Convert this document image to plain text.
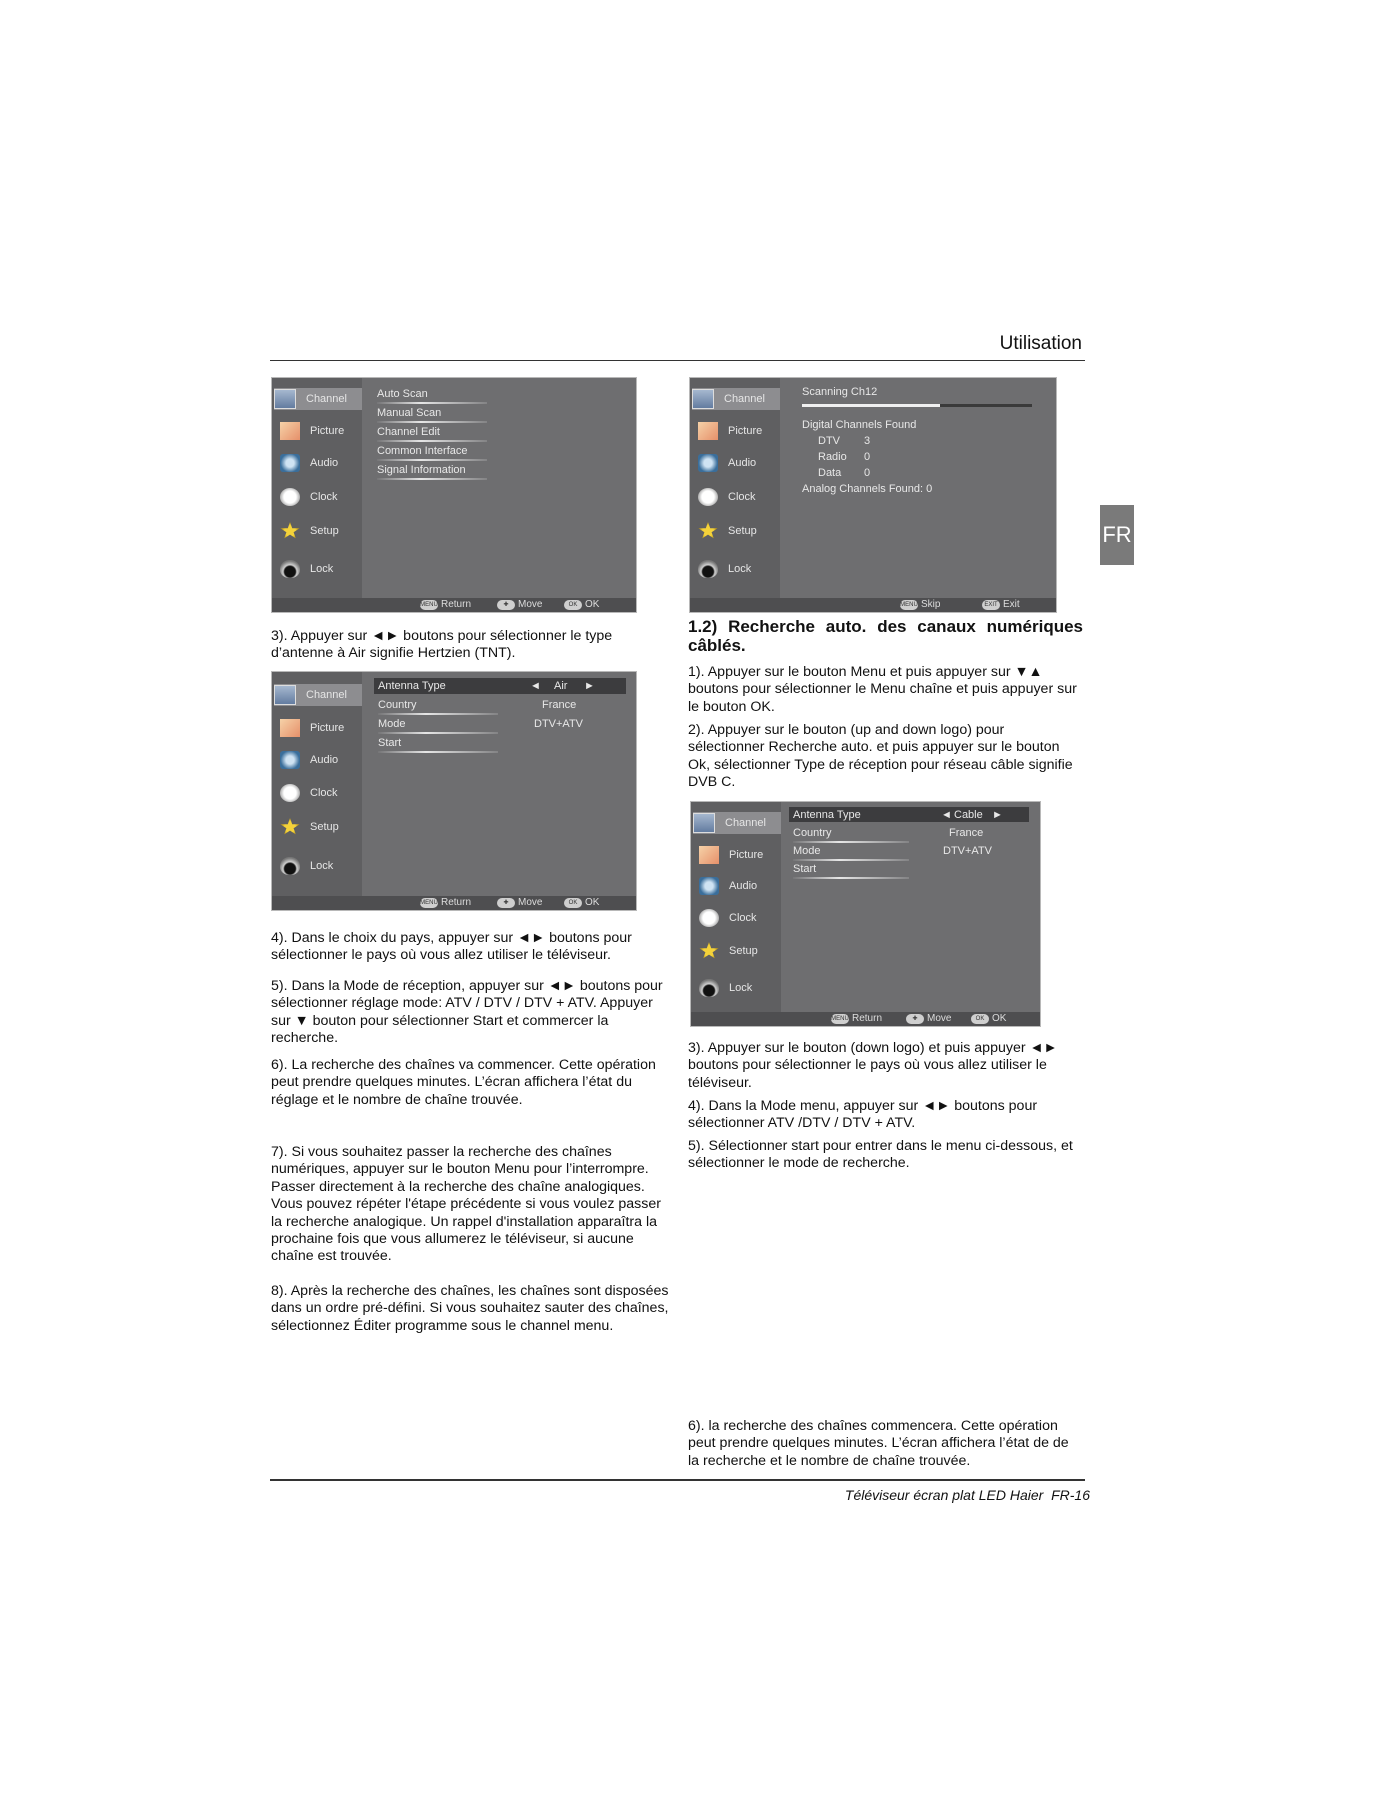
Utilisation
FR
Channel
Picture
Audio
Clock
Setup
Lock
Auto Scan
Manual Scan
Channel Edit
Common Interface
Signal Information
MENU Return	✚ Move	OK OK
Channel
Picture
Audio
Clock
Setup
Lock
Scanning Ch12
Digital Channels Found
DTV 3
Radio 0
Data 0
Analog Channels Found: 0
MENU Skip	EXIT Exit
3). Appuyer sur ◄► boutons pour sélectionner le type d’antenne à Air signifie Hertzien (TNT).
Channel
Picture
Audio
Clock
Setup
Lock
Antenna Type	◄ Air ►
Country	France
Mode	DTV+ATV
Start
MENU Return	✚ Move	OK OK
4). Dans le choix du pays, appuyer sur ◄► boutons pour sélectionner le pays où vous allez utiliser le téléviseur.
5). Dans la Mode de réception, appuyer sur ◄► boutons pour sélectionner réglage mode: ATV / DTV / DTV + ATV. Appuyer sur ▼ bouton pour sélectionner Start et commercer la recherche.
6). La recherche des chaînes va commencer. Cette opération peut prendre quelques minutes. L’écran affichera l’état du réglage et le nombre de chaîne trouvée.
7). Si vous souhaitez passer la recherche des chaînes numériques, appuyer sur le bouton Menu pour l’interrompre. Passer directement à la recherche des chaîne analogiques. Vous pouvez répéter l'étape précédente si vous voulez passer la recherche analogique. Un rappel d'installation apparaîtra la prochaine fois que vous allumerez le téléviseur, si aucune chaîne est trouvée.
8). Après la recherche des chaînes, les chaînes sont disposées dans un ordre pré-défini. Si vous souhaitez sauter des chaînes, sélectionnez Éditer programme sous le channel menu.
1.2) Recherche auto. des canaux numériques câblés.
1). Appuyer sur le bouton Menu et puis appuyer sur ▼▲ boutons pour sélectionner le Menu chaîne et puis appuyer sur le bouton OK.
2). Appuyer sur le bouton (up and down logo) pour sélectionner Recherche auto. et puis appuyer sur le bouton Ok, sélectionner Type de réception pour réseau câble signifie DVB C.
Channel
Picture
Audio
Clock
Setup
Lock
Antenna Type	◄ Cable ►
Country	France
Mode	DTV+ATV
Start
MENU Return	✚ Move	OK OK
3). Appuyer sur le bouton (down logo) et puis appuyer ◄► boutons pour sélectionner le pays où vous allez utiliser le téléviseur.
4). Dans la Mode menu, appuyer sur ◄► boutons pour sélectionner ATV /DTV / DTV + ATV.
5). Sélectionner start pour entrer dans le menu ci-dessous, et sélectionner le mode de recherche.
6). la recherche des chaînes commencera. Cette opération peut prendre quelques minutes. L’écran affichera l’état de de la recherche et le nombre de chaîne trouvée.
Téléviseur écran plat LED Haier  FR-16
